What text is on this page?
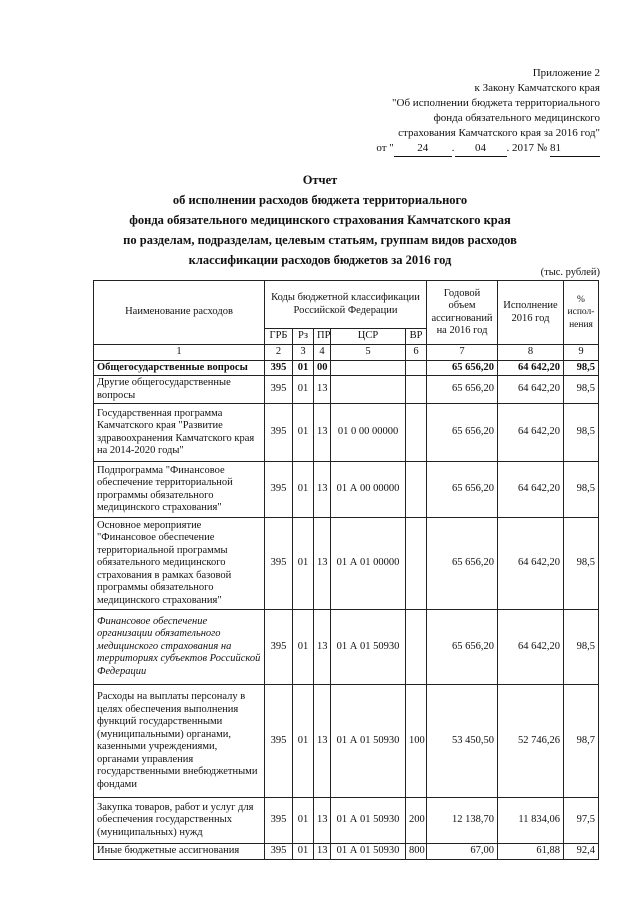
Приложение 2
к Закону Камчатского края
"Об исполнении бюджета территориального
фонда обязательного медицинского
страхования Камчатского края за 2016 год"
от " 24 . 04 . 2017 № 81
Отчет
об исполнении расходов бюджета территориального
фонда обязательного медицинского страхования Камчатского края
по разделам, подразделам, целевым статьям, группам видов расходов
классификации расходов бюджетов за 2016 год
(тыс. рублей)
Наименование расходов	Коды бюджетной классификации Российской Федерации					Годовой объем ассигнований на 2016 год	Исполнение 2016 год	% испол-нения
	ГРБ	Рз	ПР	ЦСР	ВР			
1	2	3	4	5	6	7	8	9
Общегосударственные вопросы	395	01	00			65 656,20	64 642,20	98,5
Другие общегосударственные вопросы	395	01	13			65 656,20	64 642,20	98,5
Государственная программа Камчатского края "Развитие здравоохранения Камчатского края на 2014-2020 годы"	395	01	13	01 0 00 00000		65 656,20	64 642,20	98,5
Подпрограмма "Финансовое обеспечение территориальной программы обязательного медицинского страхования"	395	01	13	01 А 00 00000		65 656,20	64 642,20	98,5
Основное мероприятие "Финансовое обеспечение территориальной программы обязательного медицинского страхования в рамках базовой программы обязательного медицинского страхования"	395	01	13	01 А 01 00000		65 656,20	64 642,20	98,5
Финансовое обеспечение организации обязательного медицинского страхования на территориях субъектов Российской Федерации	395	01	13	01 А 01 50930		65 656,20	64 642,20	98,5
Расходы на выплаты персоналу в целях обеспечения выполнения функций государственными (муниципальными) органами, казенными учреждениями, органами управления государственными внебюджетными фондами	395	01	13	01 А 01 50930	100	53 450,50	52 746,26	98,7
Закупка товаров, работ и услуг для обеспечения государственных (муниципальных) нужд	395	01	13	01 А 01 50930	200	12 138,70	11 834,06	97,5
Иные бюджетные ассигнования	395	01	13	01 А 01 50930	800	67,00	61,88	92,4
